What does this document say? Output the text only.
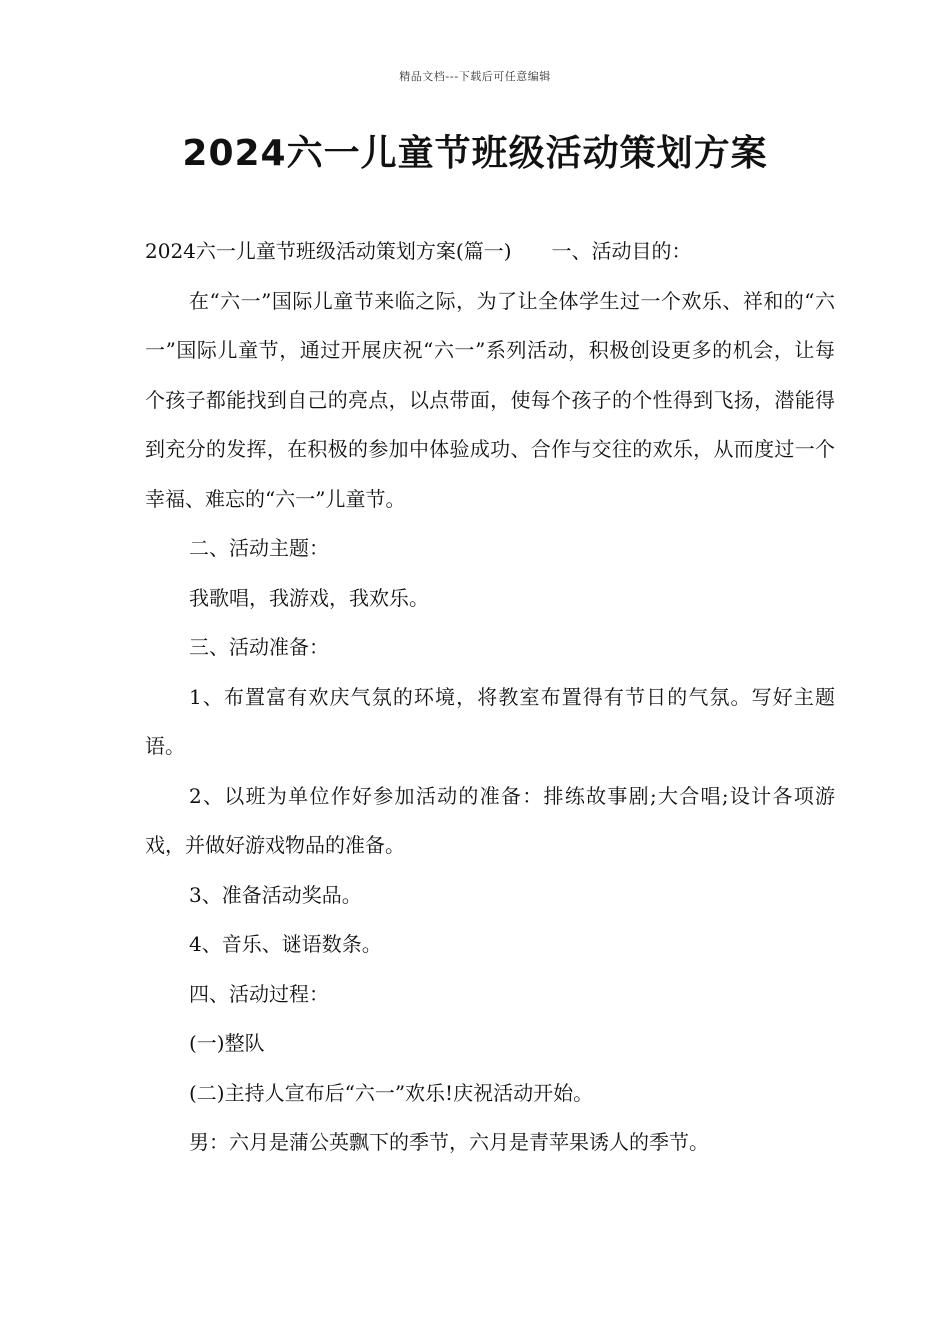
精品文档---下载后可任意编辑
2024六一儿童节班级活动策划方案

2024六一儿童节班级活动策划方案(篇一) 一、活动目的：

在“六一”国际儿童节来临之际，为了让全体学生过一个欢乐、祥和的“六一”国际儿童节，通过开展庆祝“六一”系列活动，积极创设更多的机会，让每个孩子都能找到自己的亮点，以点带面，使每个孩子的个性得到飞扬，潜能得到充分的发挥，在积极的参加中体验成功、合作与交往的欢乐，从而度过一个幸福、难忘的“六一”儿童节。

二、活动主题：

我歌唱，我游戏，我欢乐。

三、活动准备：

1、布置富有欢庆气氛的环境，将教室布置得有节日的气氛。写好主题语。

2、以班为单位作好参加活动的准备：排练故事剧;大合唱;设计各项游戏，并做好游戏物品的准备。

3、准备活动奖品。

4、音乐、谜语数条。

四、活动过程：

(一)整队

(二)主持人宣布后“六一”欢乐!庆祝活动开始。

男：六月是蒲公英飘下的季节，六月是青苹果诱人的季节。
